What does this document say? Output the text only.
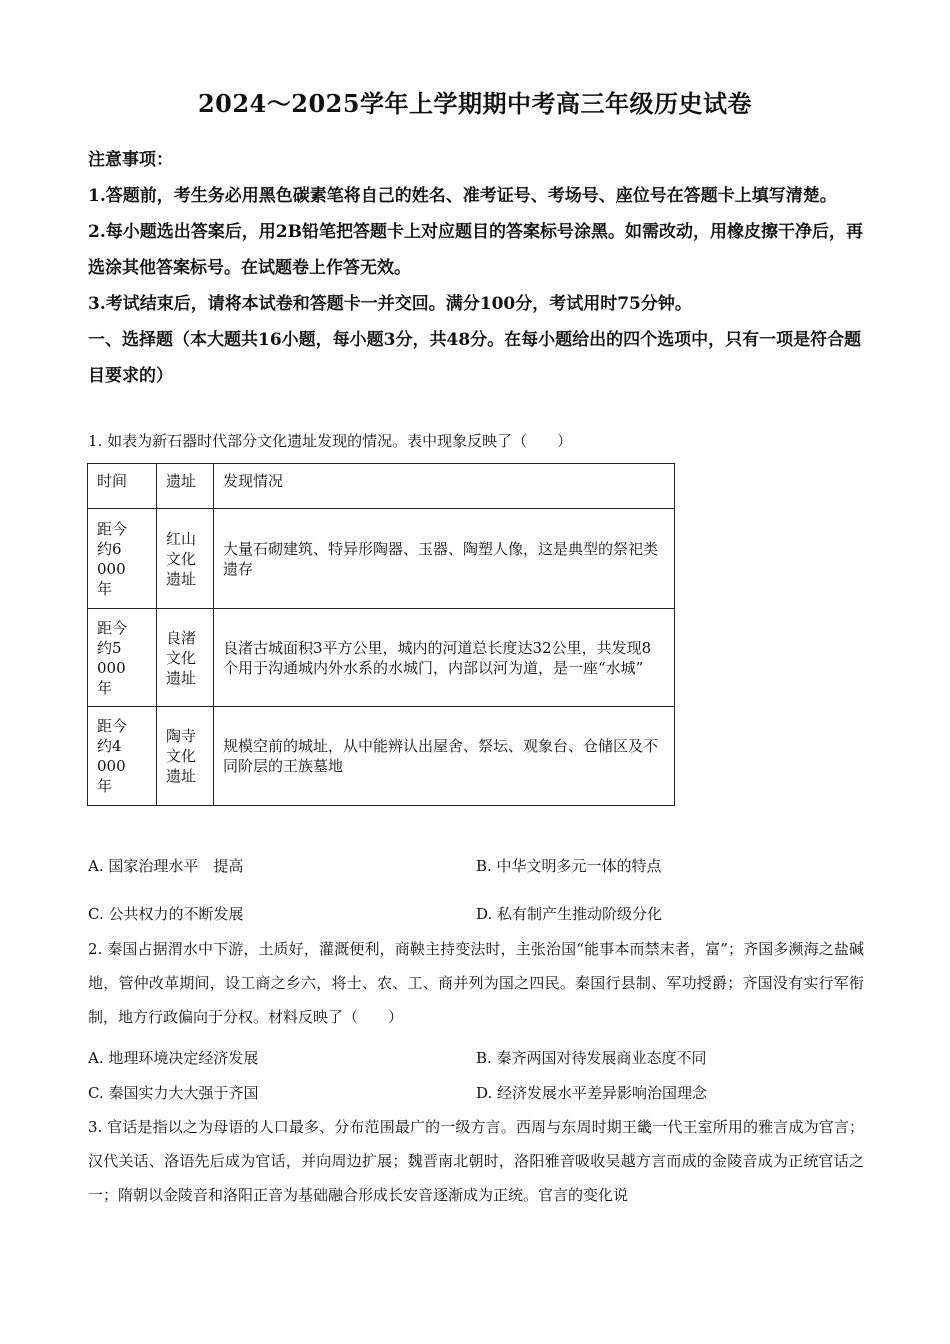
2024～2025学年上学期期中考高三年级历史试卷

注意事项：

1.答题前，考生务必用黑色碳素笔将自己的姓名、准考证号、考场号、座位号在答题卡上填写清楚。

2.每小题选出答案后，用2B铅笔把答题卡上对应题目的答案标号涂黑。如需改动，用橡皮擦干净后，再选涂其他答案标号。在试题卷上作答无效。

3.考试结束后，请将本试卷和答题卡一并交回。满分100分，考试用时75分钟。

一、选择题（本大题共16小题，每小题3分，共48分。在每小题给出的四个选项中，只有一项是符合题目要求的）

1. 如表为新石器时代部分文化遗址发现的情况。表中现象反映了（　　）
时间	遗址	发现情况

距今约6000年	红山文化遗址	大量石砌建筑、特异形陶器、玉器、陶塑人像，这是典型的祭祀类遗存

距今约5000年	良渚文化遗址	良渚古城面积3平方公里，城内的河道总长度达32公里，共发现8个用于沟通城内外水系的水城门，内部以河为道，是一座“水城”

距今约4000年	陶寺文化遗址	规模空前的城址，从中能辨认出屋舍、祭坛、观象台、仓储区及不同阶层的王族墓地
A. 国家治理水平　提高	B. 中华文明多元一体的特点
C. 公共权力的不断发展	D. 私有制产生推动阶级分化
2. 秦国占据渭水中下游，土质好，灌溉便利，商鞅主持变法时，主张治国“能事本而禁末者，富”；齐国多濒海之盐碱地，管仲改革期间，设工商之乡六，将士、农、工、商并列为国之四民。秦国行县制、军功授爵；齐国没有实行军衔制，地方行政偏向于分权。材料反映了（　　）
A. 地理环境决定经济发展	B. 秦齐两国对待发展商业态度不同
C. 秦国实力大大强于齐国	D. 经济发展水平差异影响治国理念
3. 官话是指以之为母语的人口最多、分布范围最广的一级方言。西周与东周时期王畿一代王室所用的雅言成为官言；汉代关话、洛语先后成为官话，并向周边扩展；魏晋南北朝时，洛阳雅音吸收吴越方言而成的金陵音成为正统官话之一；隋朝以金陵音和洛阳正音为基础融合形成长安音逐渐成为正统。官言的变化说
